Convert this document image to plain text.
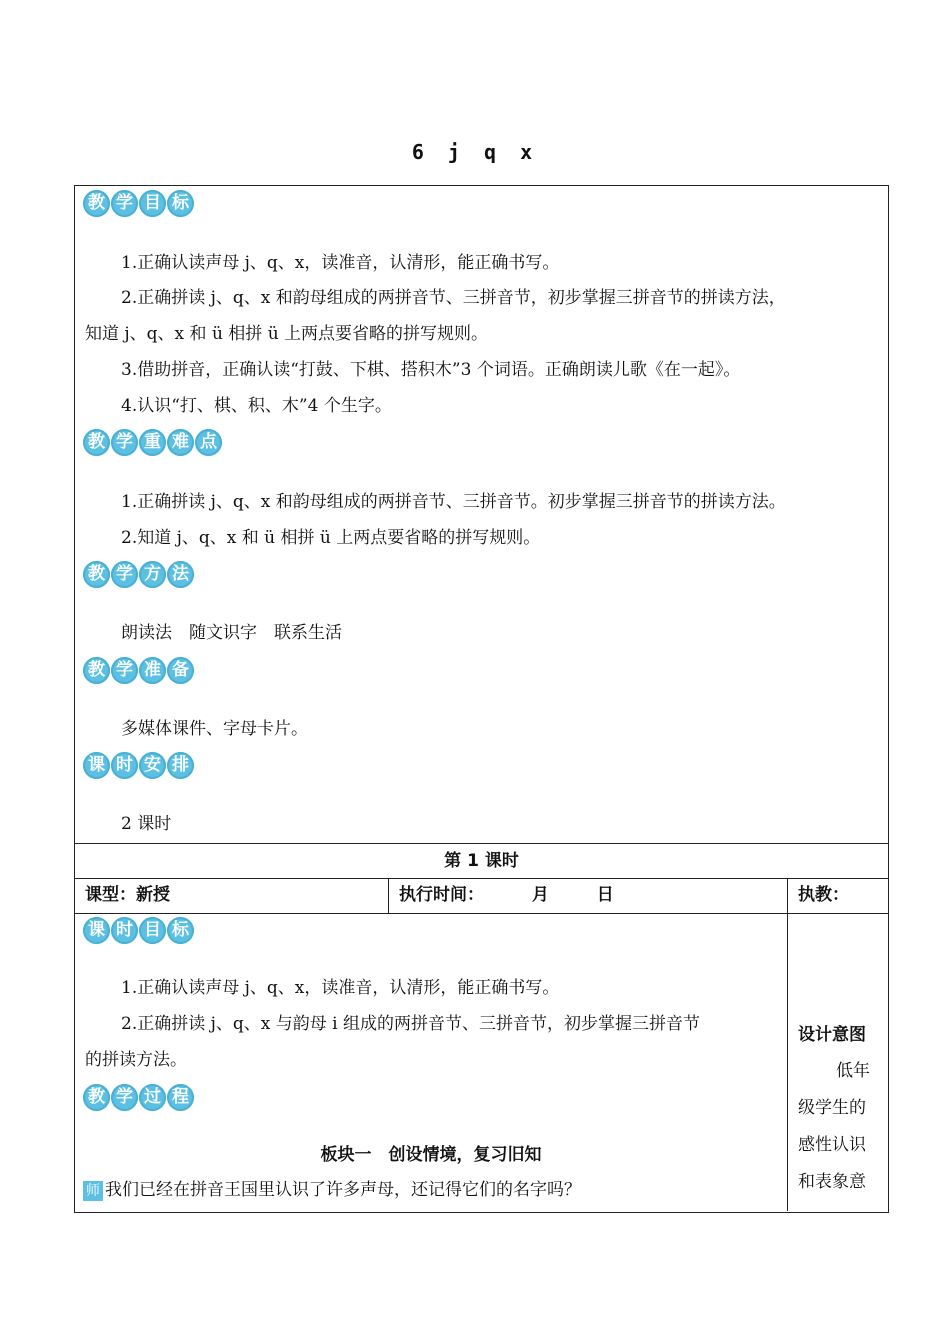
6 j q x
教 学 目 标
1.正确认读声母 j、q、x，读准音，认清形，能正确书写。
2.正确拼读 j、q、x 和韵母组成的两拼音节、三拼音节，初步掌握三拼音节的拼读方法，
知道 j、q、x 和 ü 相拼 ü 上两点要省略的拼写规则。
3.借助拼音，正确认读“打鼓、下棋、搭积木”3 个词语。正确朗读儿歌《在一起》。
4.认识“打、棋、积、木”4 个生字。
教 学 重 难 点
1.正确拼读 j、q、x 和韵母组成的两拼音节、三拼音节。初步掌握三拼音节的拼读方法。
2.知道 j、q、x 和 ü 相拼 ü 上两点要省略的拼写规则。
教 学 方 法
朗读法　随文识字　联系生活
教 学 准 备
多媒体课件、字母卡片。
课 时 安 排
2 课时
第 1 课时
课型：新授	执行时间：	月	日	执教：
课 时 目 标
1.正确认读声母 j、q、x，读准音，认清形，能正确书写。
2.正确拼读 j、q、x 与韵母 i 组成的两拼音节、三拼音节，初步掌握三拼音节
的拼读方法。
教 学 过 程
板块一　创设情境，复习旧知
师 我们已经在拼音王国里认识了许多声母，还记得它们的名字吗？
设计意图
低年
级学生的
感性认识
和表象意
